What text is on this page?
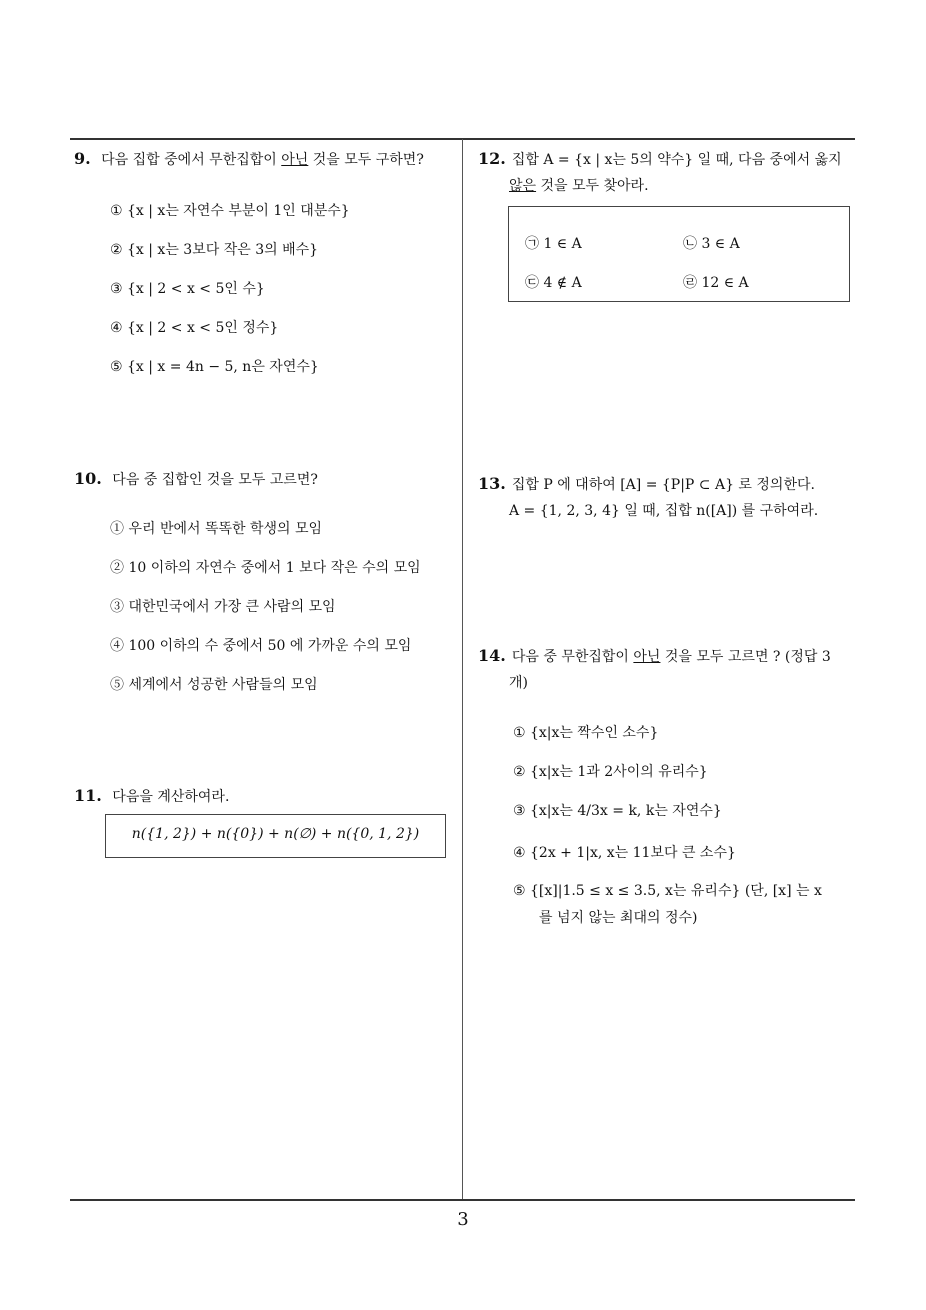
9. 다음 집합 중에서 무한집합이 아닌 것을 모두 구하면?
① {x | x는 자연수 부분이 1인 대분수}
② {x | x는 3보다 작은 3의 배수}
③ {x | 2 < x < 5인 수}
④ {x | 2 < x < 5인 정수}
⑤ {x | x = 4n − 5, n은 자연수}
10. 다음 중 집합인 것을 모두 고르면?
① 우리 반에서 똑똑한 학생의 모임
② 10 이하의 자연수 중에서 1 보다 작은 수의 모임
③ 대한민국에서 가장 큰 사람의 모임
④ 100 이하의 수 중에서 50 에 가까운 수의 모임
⑤ 세계에서 성공한 사람들의 모임
11. 다음을 계산하여라.
n({1, 2}) + n({0}) + n(∅) + n({0, 1, 2})
12. 집합 A = {x | x는 5의 약수} 일 때, 다음 중에서 옳지
않은 것을 모두 찾아라.
㉠ 1 ∈ A	㉡ 3 ∈ A
㉢ 4 ∉ A	㉣ 12 ∈ A
13. 집합 P 에 대하여 [A] = {P|P ⊂ A} 로 정의한다.
A = {1, 2, 3, 4} 일 때, 집합 n([A]) 를 구하여라.
14. 다음 중 무한집합이 아닌 것을 모두 고르면 ? (정답 3
개)
① {x|x는 짝수인 소수}
② {x|x는 1과 2사이의 유리수}
③ {x|x는 4/3x = k, k는 자연수}
④ {2x + 1|x, x는 11보다 큰 소수}
⑤ {[x]|1.5 ≤ x ≤ 3.5, x는 유리수} (단, [x] 는 x
를 넘지 않는 최대의 정수)
3
